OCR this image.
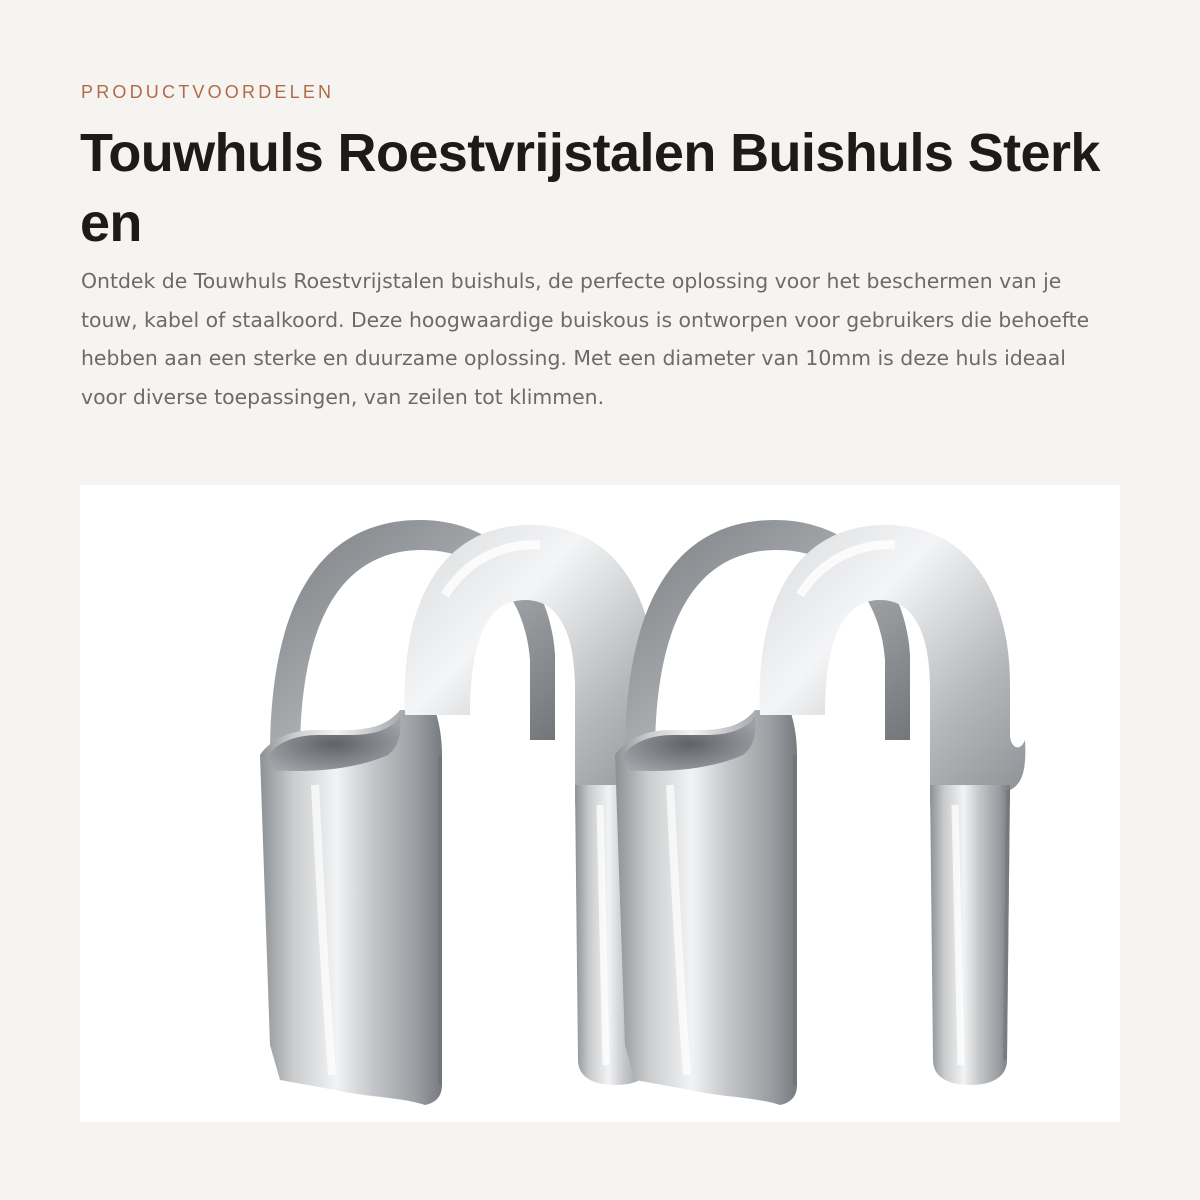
PRODUCTVOORDELEN
Touwhuls Roestvrijstalen Buishuls Sterk en

Ontdek de Touwhuls Roestvrijstalen buishuls, de perfecte oplossing voor het beschermen van je touw, kabel of staalkoord. Deze hoogwaardige buiskous is ontworpen voor gebruikers die behoefte hebben aan een sterke en duurzame oplossing. Met een diameter van 10mm is deze huls ideaal voor diverse toepassingen, van zeilen tot klimmen.
